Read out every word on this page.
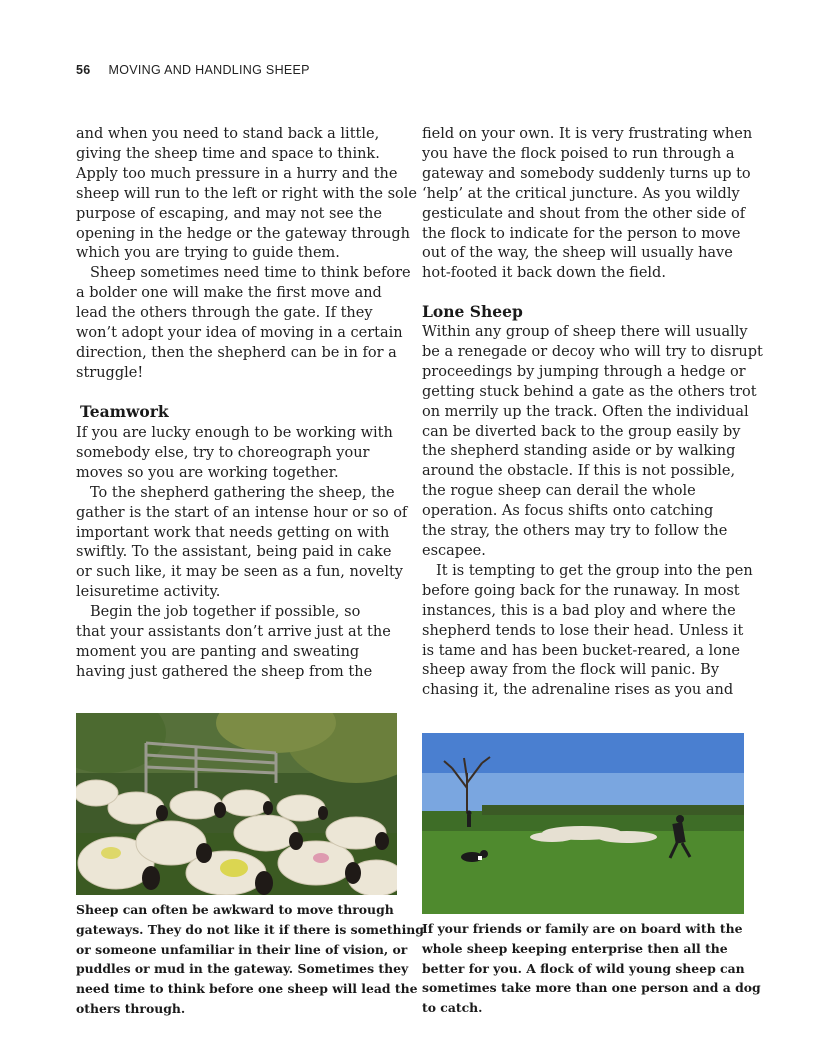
56 MOVING AND HANDLING SHEEP

and when you need to stand back a little,

giving the sheep time and space to think.

Apply too much pressure in a hurry and the

sheep will run to the left or right with the sole

purpose of escaping, and may not see the

opening in the hedge or the gateway through

which you are trying to guide them.

Sheep sometimes need time to think before

a bolder one will make the first move and

lead the others through the gate. If they

won’t adopt your idea of moving in a certain

direction, then the shepherd can be in for a

struggle!

Teamwork

If you are lucky enough to be working with

somebody else, try to choreograph your

moves so you are working together.

To the shepherd gathering the sheep, the

gather is the start of an intense hour or so of

important work that needs getting on with

swiftly. To the assistant, being paid in cake

or such like, it may be seen as a fun, novelty

leisuretime activity.

Begin the job together if possible, so

that your assistants don’t arrive just at the

moment you are panting and sweating

having just gathered the sheep from the

field on your own. It is very frustrating when

you have the flock poised to run through a

gateway and somebody suddenly turns up to

‘help’ at the critical juncture. As you wildly

gesticulate and shout from the other side of

the flock to indicate for the person to move

out of the way, the sheep will usually have

hot-footed it back down the field.

Lone Sheep

Within any group of sheep there will usually

be a renegade or decoy who will try to disrupt

proceedings by jumping through a hedge or

getting stuck behind a gate as the others trot

on merrily up the track. Often the individual

can be diverted back to the group easily by

the shepherd standing aside or by walking

around the obstacle. If this is not possible,

the rogue sheep can derail the whole

operation. As focus shifts onto catching

the stray, the others may try to follow the

escapee.

It is tempting to get the group into the pen

before going back for the runaway. In most

instances, this is a bad ploy and where the

shepherd tends to lose their head. Unless it

is tame and has been bucket-reared, a lone

sheep away from the flock will panic. By

chasing it, the adrenaline rises as you and

Sheep can often be awkward to move through

gateways. They do not like it if there is something

or someone unfamiliar in their line of vision, or

puddles or mud in the gateway. Sometimes they

need time to think before one sheep will lead the

others through.

If your friends or family are on board with the

whole sheep keeping enterprise then all the

better for you. A flock of wild young sheep can

sometimes take more than one person and a dog

to catch.
